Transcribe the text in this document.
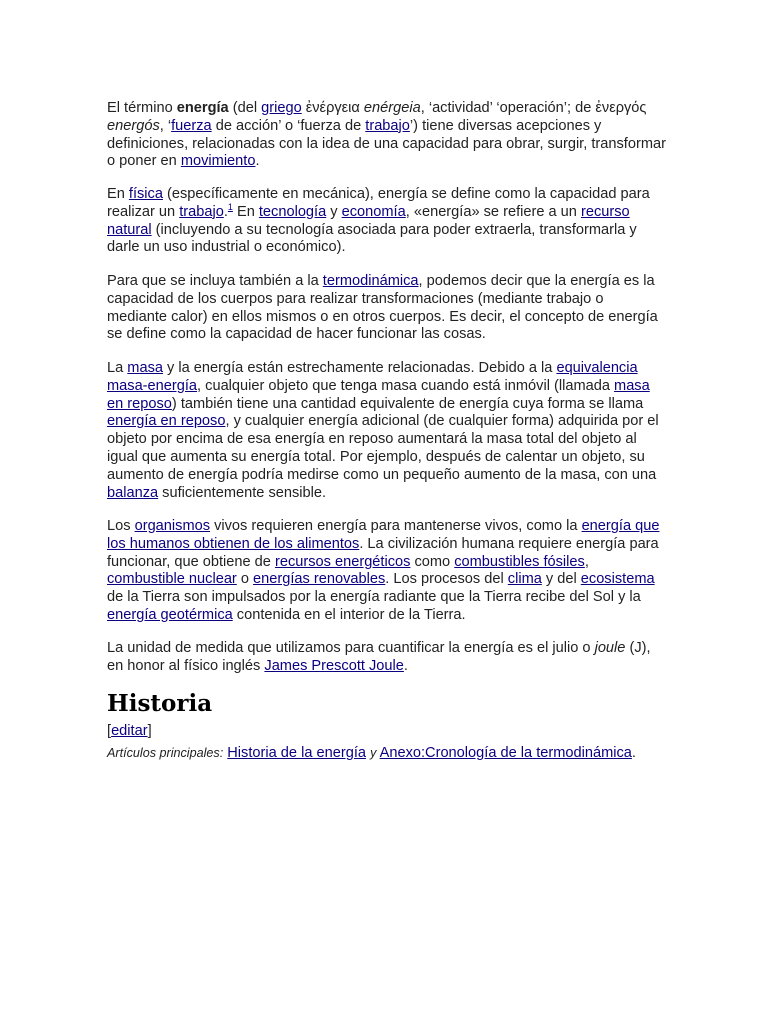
El término energía (del griego ἐνέργεια enérgeia, ‘actividad’ ‘operación’; de ἐνεργός energós, ‘fuerza de acción’ o ‘fuerza de trabajo’) tiene diversas acepciones y definiciones, relacionadas con la idea de una capacidad para obrar, surgir, transformar o poner en movimiento.

En física (específicamente en mecánica), energía se define como la capacidad para realizar un trabajo.$^1$ En tecnología y economía, «energía» se refiere a un recurso natural (incluyendo a su tecnología asociada para poder extraerla, transformarla y darle un uso industrial o económico).

Para que se incluya también a la termodinámica, podemos decir que la energía es la capacidad de los cuerpos para realizar transformaciones (mediante trabajo o mediante calor) en ellos mismos o en otros cuerpos. Es decir, el concepto de energía se define como la capacidad de hacer funcionar las cosas.

La masa y la energía están estrechamente relacionadas. Debido a la equivalencia masa-energía, cualquier objeto que tenga masa cuando está inmóvil (llamada masa en reposo) también tiene una cantidad equivalente de energía cuya forma se llama energía en reposo, y cualquier energía adicional (de cualquier forma) adquirida por el objeto por encima de esa energía en reposo aumentará la masa total del objeto al igual que aumenta su energía total. Por ejemplo, después de calentar un objeto, su aumento de energía podría medirse como un pequeño aumento de la masa, con una balanza suficientemente sensible.

Los organismos vivos requieren energía para mantenerse vivos, como la energía que los humanos obtienen de los alimentos. La civilización humana requiere energía para funcionar, que obtiene de recursos energéticos como combustibles fósiles, combustible nuclear o energías renovables. Los procesos del clima y del ecosistema de la Tierra son impulsados por la energía radiante que la Tierra recibe del Sol y la energía geotérmica contenida en el interior de la Tierra.

La unidad de medida que utilizamos para cuantificar la energía es el julio o joule (J), en honor al físico inglés James Prescott Joule.

Historia
[editar]
Artículos principales: Historia de la energía y Anexo:Cronología de la termodinámica.
